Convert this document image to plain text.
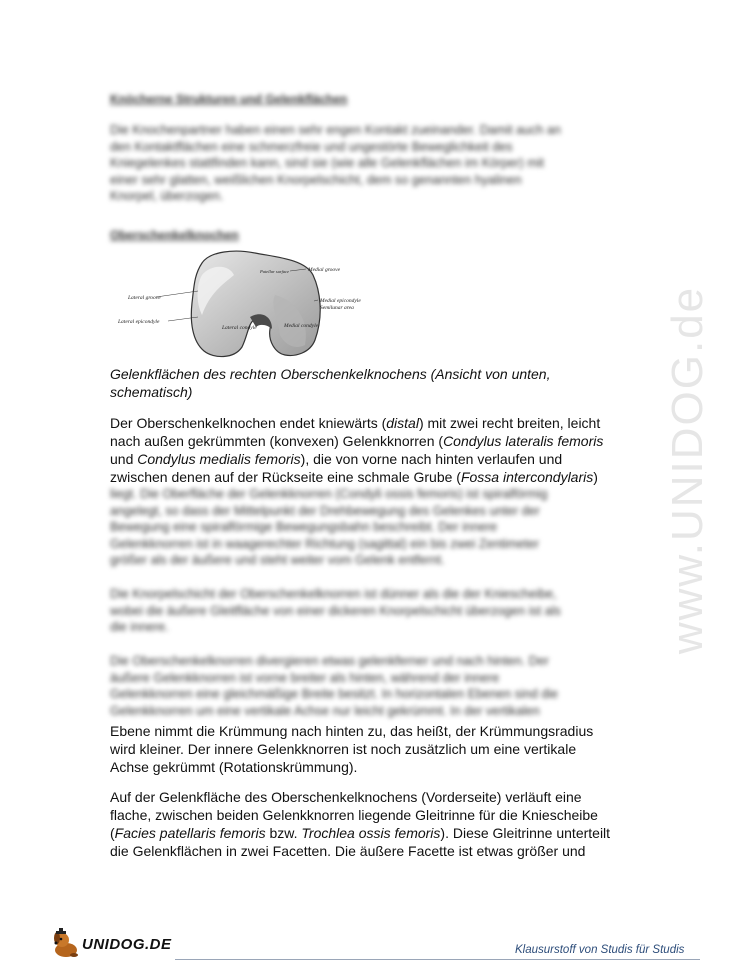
www.UNIDOG.de
Knöcherne Strukturen und Gelenkflächen
Die Knochenpartner haben einen sehr engen Kontakt zueinander. Damit auch an
den Kontaktflächen eine schmerzfreie und ungestörte Beweglichkeit des
Kniegelenkes stattfinden kann, sind sie (wie alle Gelenkflächen im Körper) mit
einer sehr glatten, weißlichen Knorpelschicht, dem so genannten hyalinen
Knorpel, überzogen.
Oberschenkelknochen
Lateral groove
Lateral epicondyle
Lateral condyle
Medial groove
Medial epicondyle
Semilunar area
Medial condyle
Patellar surface
Gelenkflächen des rechten Oberschenkelknochens (Ansicht von unten,
schematisch)
Der Oberschenkelknochen endet kniewärts (distal) mit zwei recht breiten, leicht
nach außen gekrümmten (konvexen) Gelenkknorren (Condylus lateralis femoris
und Condylus medialis femoris), die von vorne nach hinten verlaufen und
zwischen denen auf der Rückseite eine schmale Grube (Fossa intercondylaris)
liegt. Die Oberfläche der Gelenkknorren (Condyli ossis femoris) ist spiralförmig
angelegt, so dass der Mittelpunkt der Drehbewegung des Gelenkes unter der
Bewegung eine spiralförmige Bewegungsbahn beschreibt. Der innere
Gelenkknorren ist in waagerechter Richtung (sagittal) ein bis zwei Zentimeter
größer als der äußere und steht weiter vom Gelenk entfernt.
Die Knorpelschicht der Oberschenkelknorren ist dünner als die der Kniescheibe,
wobei die äußere Gleitfläche von einer dickeren Knorpelschicht überzogen ist als
die innere.
Die Oberschenkelknorren divergieren etwas gelenkferner und nach hinten. Der
äußere Gelenkknorren ist vorne breiter als hinten, während der innere
Gelenkknorren eine gleichmäßige Breite besitzt. In horizontalen Ebenen sind die
Gelenkknorren um eine vertikale Achse nur leicht gekrümmt. In der vertikalen
Ebene nimmt die Krümmung nach hinten zu, das heißt, der Krümmungsradius
wird kleiner. Der innere Gelenkknorren ist noch zusätzlich um eine vertikale
Achse gekrümmt (Rotationskrümmung).
Auf der Gelenkfläche des Oberschenkelknochens (Vorderseite) verläuft eine
flache, zwischen beiden Gelenkknorren liegende Gleitrinne für die Kniescheibe
(Facies patellaris femoris bzw. Trochlea ossis femoris). Diese Gleitrinne unterteilt
die Gelenkflächen in zwei Facetten. Die äußere Facette ist etwas größer und
UNIDOG.DE	Klausurstoff von Studis für Studis
